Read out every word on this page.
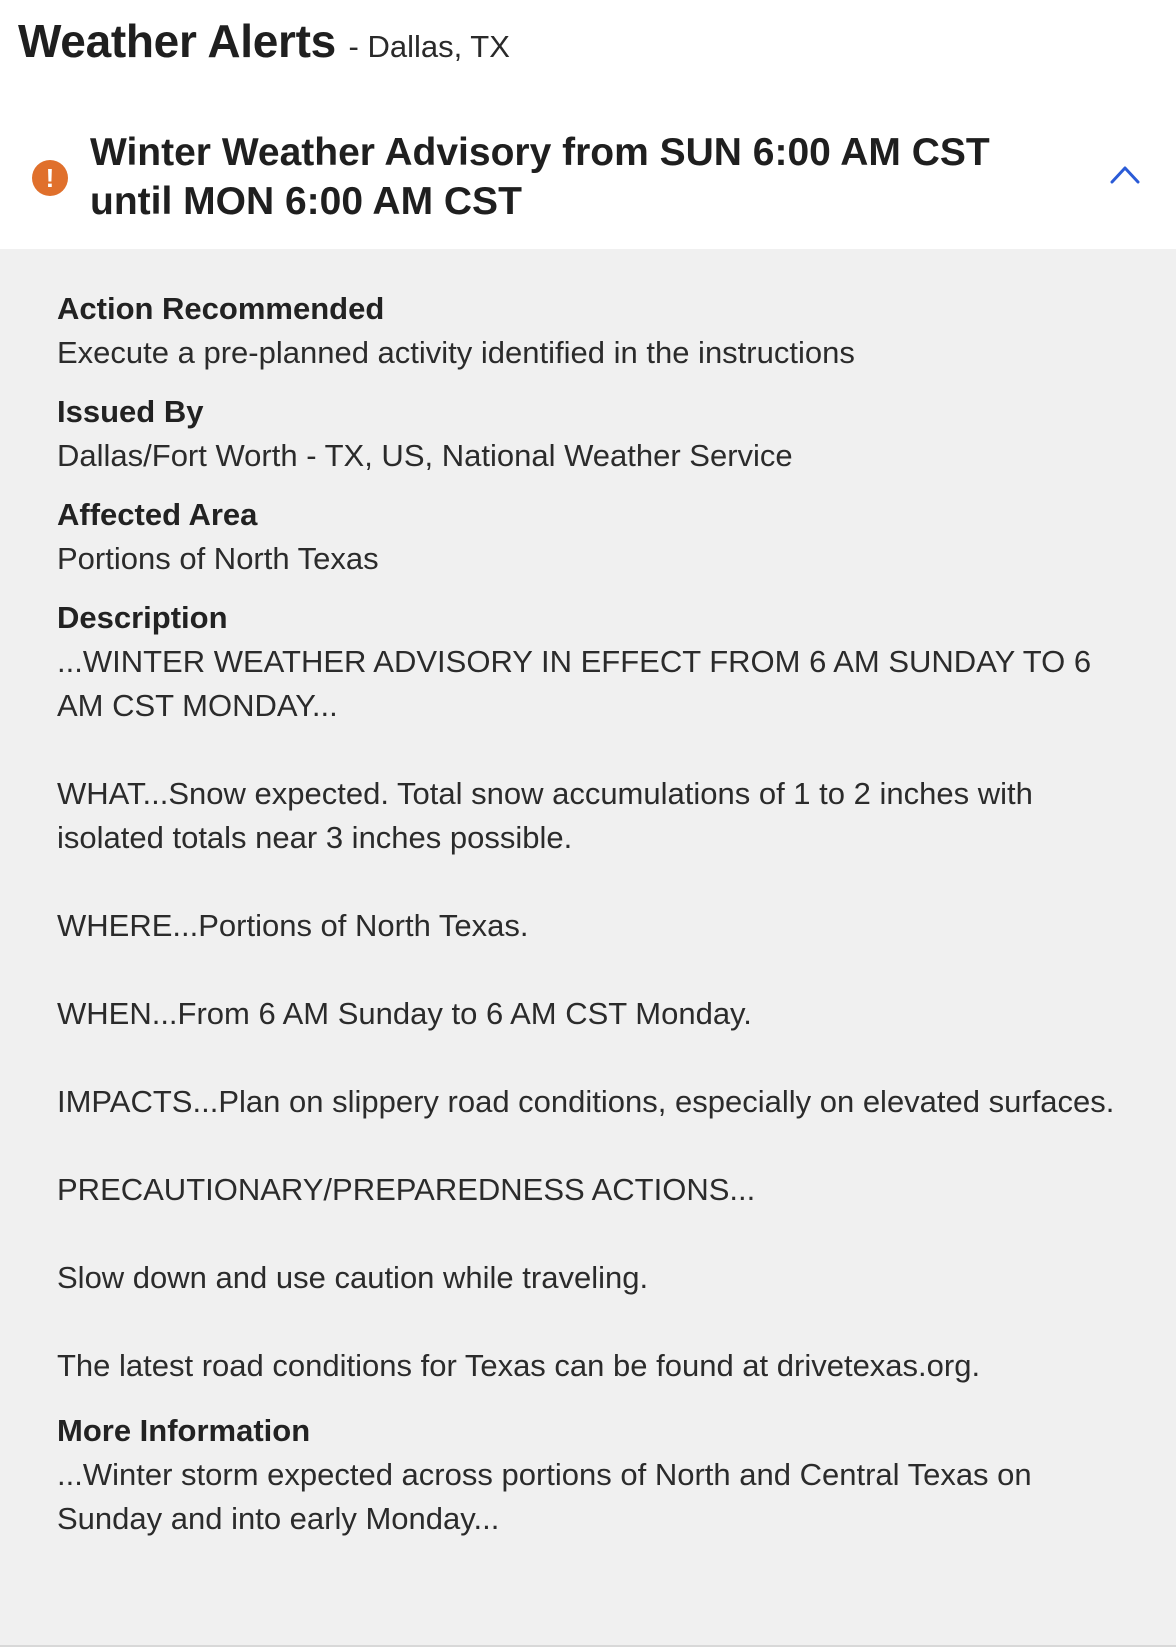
Weather Alerts - Dallas, TX
!
Winter Weather Advisory from SUN 6:00 AM CST until MON 6:00 AM CST
Action Recommended
Execute a pre-planned activity identified in the instructions
Issued By
Dallas/Fort Worth - TX, US, National Weather Service
Affected Area
Portions of North Texas
Description
...WINTER WEATHER ADVISORY IN EFFECT FROM 6 AM SUNDAY TO 6 AM CST MONDAY...
WHAT...Snow expected. Total snow accumulations of 1 to 2 inches with isolated totals near 3 inches possible.
WHERE...Portions of North Texas.
WHEN...From 6 AM Sunday to 6 AM CST Monday.
IMPACTS...Plan on slippery road conditions, especially on elevated surfaces.
PRECAUTIONARY/PREPAREDNESS ACTIONS...
Slow down and use caution while traveling.
The latest road conditions for Texas can be found at drivetexas.org.
More Information
...Winter storm expected across portions of North and Central Texas on Sunday and into early Monday...
